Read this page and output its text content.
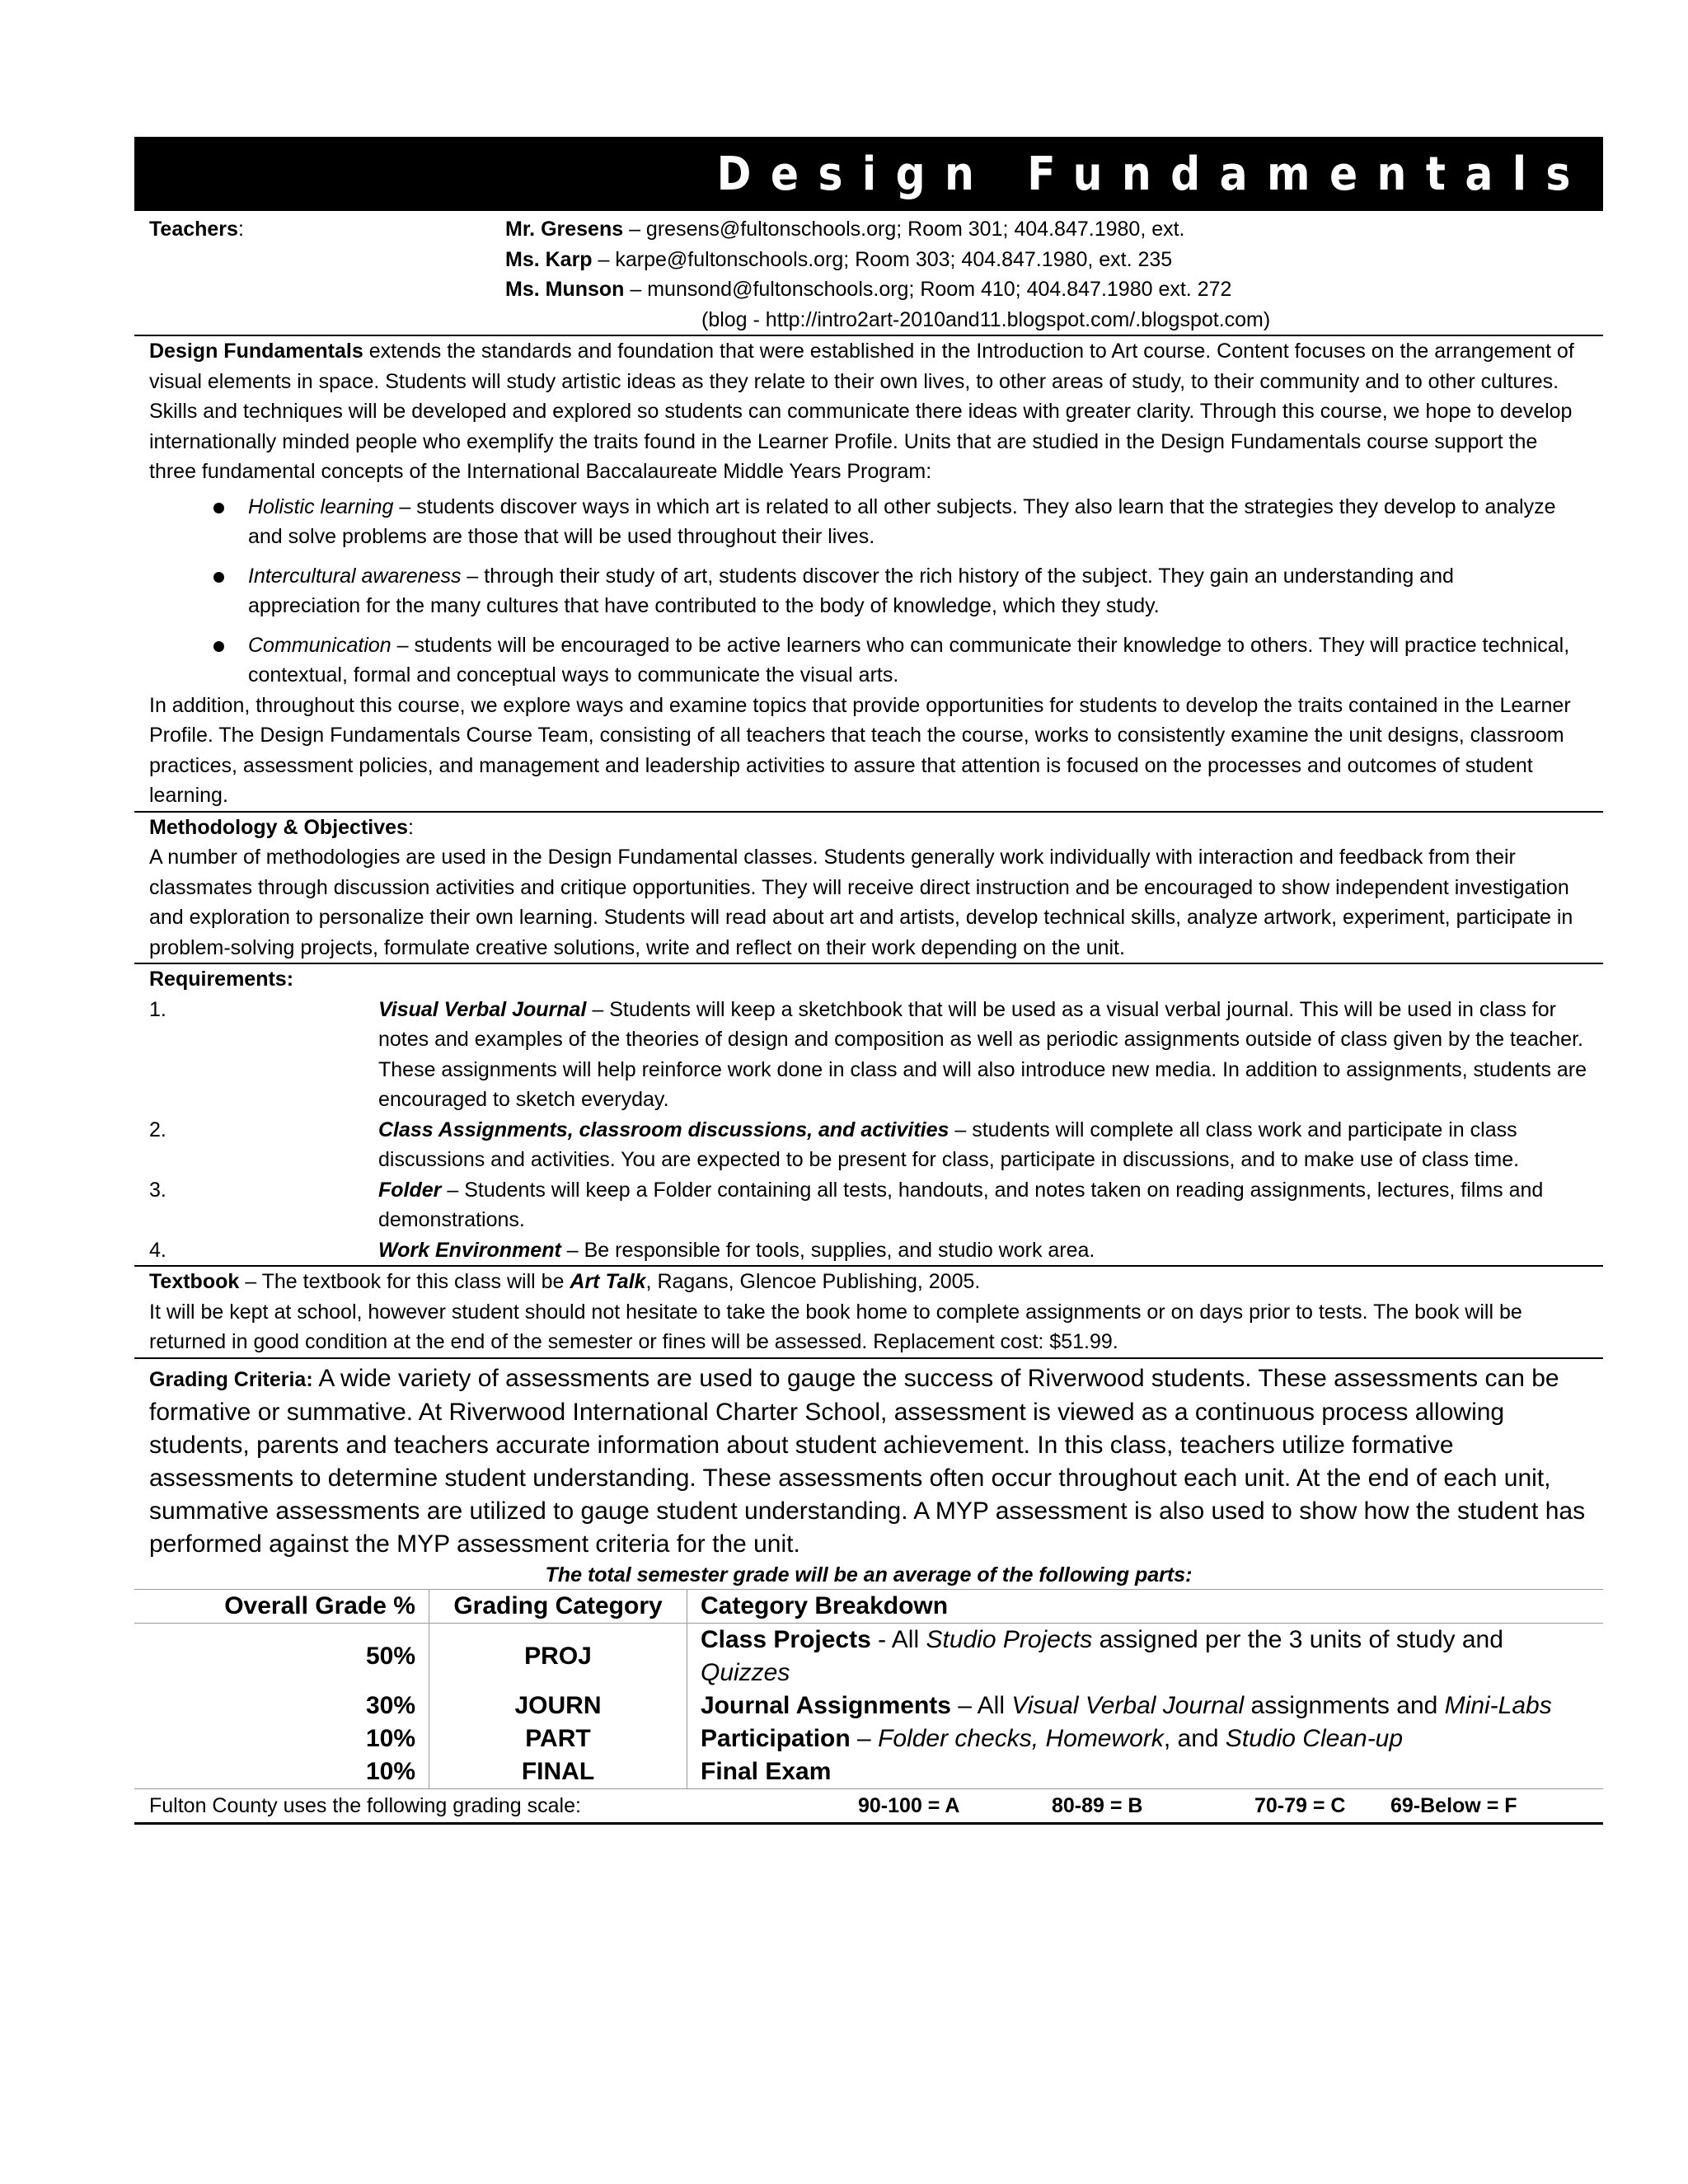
Design Fundamentals
Teachers:	Mr. Gresens – gresens@fultonschools.org; Room 301; 404.847.1980, ext.
Ms. Karp – karpe@fultonschools.org; Room 303; 404.847.1980, ext. 235
Ms. Munson – munsond@fultonschools.org; Room 410; 404.847.1980 ext. 272
(blog - http://intro2art-2010and11.blogspot.com/.blogspot.com)
Design Fundamentals extends the standards and foundation that were established in the Introduction to Art course. Content focuses on the arrangement of visual elements in space. Students will study artistic ideas as they relate to their own lives, to other areas of study, to their community and to other cultures. Skills and techniques will be developed and explored so students can communicate there ideas with greater clarity. Through this course, we hope to develop internationally minded people who exemplify the traits found in the Learner Profile. Units that are studied in the Design Fundamentals course support the three fundamental concepts of the International Baccalaureate Middle Years Program:
Holistic learning – students discover ways in which art is related to all other subjects. They also learn that the strategies they develop to analyze and solve problems are those that will be used throughout their lives.
Intercultural awareness – through their study of art, students discover the rich history of the subject. They gain an understanding and appreciation for the many cultures that have contributed to the body of knowledge, which they study.
Communication – students will be encouraged to be active learners who can communicate their knowledge to others. They will practice technical, contextual, formal and conceptual ways to communicate the visual arts.
In addition, throughout this course, we explore ways and examine topics that provide opportunities for students to develop the traits contained in the Learner Profile. The Design Fundamentals Course Team, consisting of all teachers that teach the course, works to consistently examine the unit designs, classroom practices, assessment policies, and management and leadership activities to assure that attention is focused on the processes and outcomes of student learning.
Methodology & Objectives:
A number of methodologies are used in the Design Fundamental classes. Students generally work individually with interaction and feedback from their classmates through discussion activities and critique opportunities. They will receive direct instruction and be encouraged to show independent investigation and exploration to personalize their own learning. Students will read about art and artists, develop technical skills, analyze artwork, experiment, participate in problem-solving projects, formulate creative solutions, write and reflect on their work depending on the unit.
Requirements:
1.	Visual Verbal Journal – Students will keep a sketchbook that will be used as a visual verbal journal. This will be used in class for notes and examples of the theories of design and composition as well as periodic assignments outside of class given by the teacher. These assignments will help reinforce work done in class and will also introduce new media. In addition to assignments, students are encouraged to sketch everyday.
2.	Class Assignments, classroom discussions, and activities – students will complete all class work and participate in class discussions and activities. You are expected to be present for class, participate in discussions, and to make use of class time.
3.	Folder – Students will keep a Folder containing all tests, handouts, and notes taken on reading assignments, lectures, films and demonstrations.
4.	Work Environment – Be responsible for tools, supplies, and studio work area.
Textbook – The textbook for this class will be Art Talk, Ragans, Glencoe Publishing, 2005.
It will be kept at school, however student should not hesitate to take the book home to complete assignments or on days prior to tests. The book will be returned in good condition at the end of the semester or fines will be assessed. Replacement cost: $51.99.
Grading Criteria: A wide variety of assessments are used to gauge the success of Riverwood students. These assessments can be formative or summative. At Riverwood International Charter School, assessment is viewed as a continuous process allowing students, parents and teachers accurate information about student achievement. In this class, teachers utilize formative assessments to determine student understanding. These assessments often occur throughout each unit. At the end of each unit, summative assessments are utilized to gauge student understanding. A MYP assessment is also used to show how the student has performed against the MYP assessment criteria for the unit.
The total semester grade will be an average of the following parts:
Overall Grade %	Grading Category	Category Breakdown
50%	PROJ	Class Projects - All Studio Projects assigned per the 3 units of study and Quizzes
30%	JOURN	Journal Assignments – All Visual Verbal Journal assignments and Mini-Labs
10%	PART	Participation – Folder checks, Homework, and Studio Clean-up
10%	FINAL	Final Exam
Fulton County uses the following grading scale:	90-100 = A	80-89 = B	70-79 = C 69-Below = F
